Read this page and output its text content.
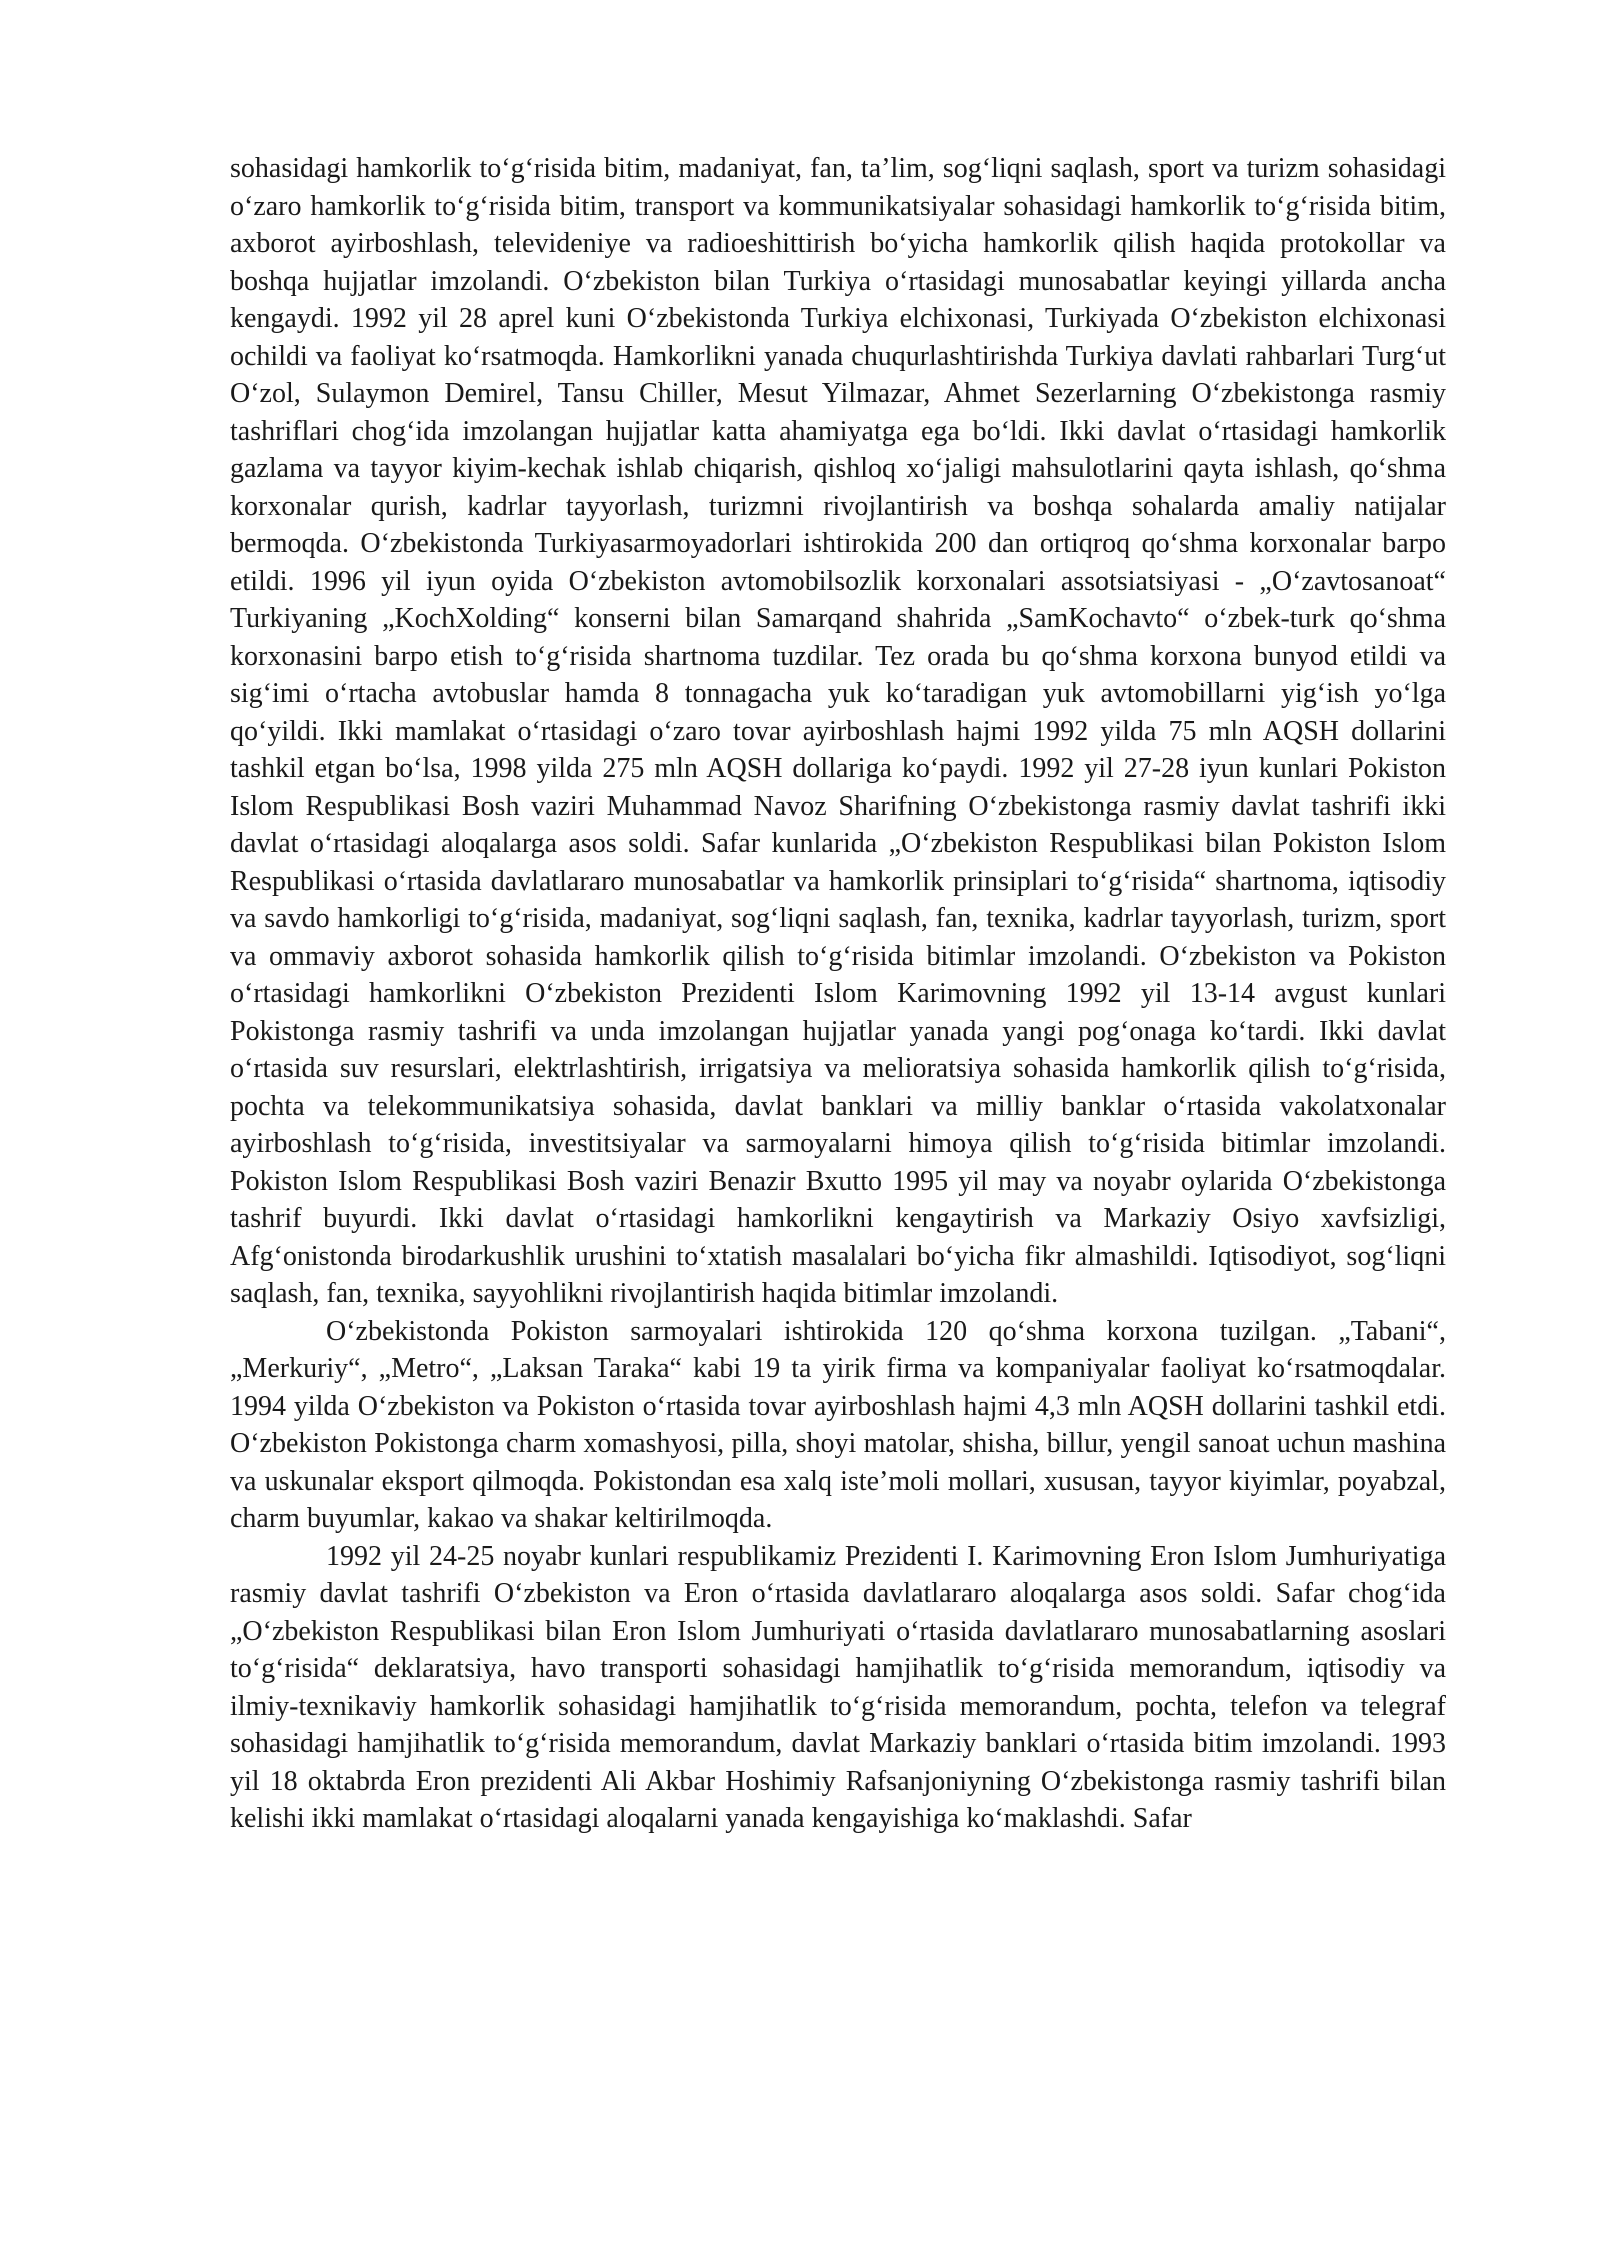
sohasidagi hamkorlik to‘g‘risida bitim, madaniyat, fan, ta’lim, sog‘liqni saqlash, sport va turizm sohasidagi o‘zaro hamkorlik to‘g‘risida bitim, transport va kommunikatsiyalar sohasidagi hamkorlik to‘g‘risida bitim, axborot ayirboshlash, televideniye va radioeshittirish bo‘yicha hamkorlik qilish haqida protokollar va boshqa hujjatlar imzolandi. O‘zbekiston bilan Turkiya o‘rtasidagi munosabatlar keyingi yillarda ancha kengaydi. 1992 yil 28 aprel kuni O‘zbekistonda Turkiya elchixonasi, Turkiyada O‘zbekiston elchixonasi ochildi va faoliyat ko‘rsatmoqda. Hamkorlikni yanada chuqurlashtirishda Turkiya davlati rahbarlari Turg‘ut O‘zol, Sulaymon Demirel, Tansu Chiller, Mesut Yilmazar, Ahmet Sezerlarning O‘zbekistonga rasmiy tashriflari chog‘ida imzolangan hujjatlar katta ahamiyatga ega bo‘ldi. Ikki davlat o‘rtasidagi hamkorlik gazlama va tayyor kiyim-kechak ishlab chiqarish, qishloq xo‘jaligi mahsulotlarini qayta ishlash, qo‘shma korxonalar qurish, kadrlar tayyorlash, turizmni rivojlantirish va boshqa sohalarda amaliy natijalar bermoqda. O‘zbekistonda Turkiyasarmoyadorlari ishtirokida 200 dan ortiqroq qo‘shma korxonalar barpo etildi. 1996 yil iyun oyida O‘zbekiston avtomobilsozlik korxonalari assotsiatsiyasi - „O‘zavtosanoat“ Turkiyaning „KochXolding“ konserni bilan Samarqand shahrida „SamKochavto“ o‘zbek-turk qo‘shma korxonasini barpo etish to‘g‘risida shartnoma tuzdilar. Tez orada bu qo‘shma korxona bunyod etildi va sig‘imi o‘rtacha avtobuslar hamda 8 tonnagacha yuk ko‘taradigan yuk avtomobillarni yig‘ish yo‘lga qo‘yildi. Ikki mamlakat o‘rtasidagi o‘zaro tovar ayirboshlash hajmi 1992 yilda 75 mln AQSH dollarini tashkil etgan bo‘lsa, 1998 yilda 275 mln AQSH dollariga ko‘paydi. 1992 yil 27-28 iyun kunlari Pokiston Islom Respublikasi Bosh vaziri Muhammad Navoz Sharifning O‘zbekistonga rasmiy davlat tashrifi ikki davlat o‘rtasidagi aloqalarga asos soldi. Safar kunlarida „O‘zbekiston Respublikasi bilan Pokiston Islom Respublikasi o‘rtasida davlatlararo munosabatlar va hamkorlik prinsiplari to‘g‘risida“ shartnoma, iqtisodiy va savdo hamkorligi to‘g‘risida, madaniyat, sog‘liqni saqlash, fan, texnika, kadrlar tayyorlash, turizm, sport va ommaviy axborot sohasida hamkorlik qilish to‘g‘risida bitimlar imzolandi. O‘zbekiston va Pokiston o‘rtasidagi hamkorlikni O‘zbekiston Prezidenti Islom Karimovning 1992 yil 13-14 avgust kunlari Pokistonga rasmiy tashrifi va unda imzolangan hujjatlar yanada yangi pog‘onaga ko‘tardi. Ikki davlat o‘rtasida suv resurslari, elektrlashtirish, irrigatsiya va melioratsiya sohasida hamkorlik qilish to‘g‘risida, pochta va telekommunikatsiya sohasida, davlat banklari va milliy banklar o‘rtasida vakolatxonalar ayirboshlash to‘g‘risida, investitsiyalar va sarmoyalarni himoya qilish to‘g‘risida bitimlar imzolandi. Pokiston Islom Respublikasi Bosh vaziri Benazir Bxutto 1995 yil may va noyabr oylarida O‘zbekistonga tashrif buyurdi. Ikki davlat o‘rtasidagi hamkorlikni kengaytirish va Markaziy Osiyo xavfsizligi, Afg‘onistonda birodarkushlik urushini to‘xtatish masalalari bo‘yicha fikr almashildi. Iqtisodiyot, sog‘liqni saqlash, fan, texnika, sayyohlikni rivojlantirish haqida bitimlar imzolandi.

O‘zbekistonda Pokiston sarmoyalari ishtirokida 120 qo‘shma korxona tuzilgan. „Tabani“, „Merkuriy“, „Metro“, „Laksan Taraka“ kabi 19 ta yirik firma va kompaniyalar faoliyat ko‘rsatmoqdalar. 1994 yilda O‘zbekiston va Pokiston o‘rtasida tovar ayirboshlash hajmi 4,3 mln AQSH dollarini tashkil etdi. O‘zbekiston Pokistonga charm xomashyosi, pilla, shoyi matolar, shisha, billur, yengil sanoat uchun mashina va uskunalar eksport qilmoqda. Pokistondan esa xalq iste’moli mollari, xususan, tayyor kiyimlar, poyabzal, charm buyumlar, kakao va shakar keltirilmoqda.

1992 yil 24-25 noyabr kunlari respublikamiz Prezidenti I. Karimovning Eron Islom Jumhuriyatiga rasmiy davlat tashrifi O‘zbekiston va Eron o‘rtasida davlatlararo aloqalarga asos soldi. Safar chog‘ida „O‘zbekiston Respublikasi bilan Eron Islom Jumhuriyati o‘rtasida davlatlararo munosabatlarning asoslari to‘g‘risida“ deklaratsiya, havo transporti sohasidagi hamjihatlik to‘g‘risida memorandum, iqtisodiy va ilmiy-texnikaviy hamkorlik sohasidagi hamjihatlik to‘g‘risida memorandum, pochta, telefon va telegraf sohasidagi hamjihatlik to‘g‘risida memorandum, davlat Markaziy banklari o‘rtasida bitim imzolandi. 1993 yil 18 oktabrda Eron prezidenti Ali Akbar Hoshimiy Rafsanjoniyning O‘zbekistonga rasmiy tashrifi bilan kelishi ikki mamlakat o‘rtasidagi aloqalarni yanada kengayishiga ko‘maklashdi. Safar
